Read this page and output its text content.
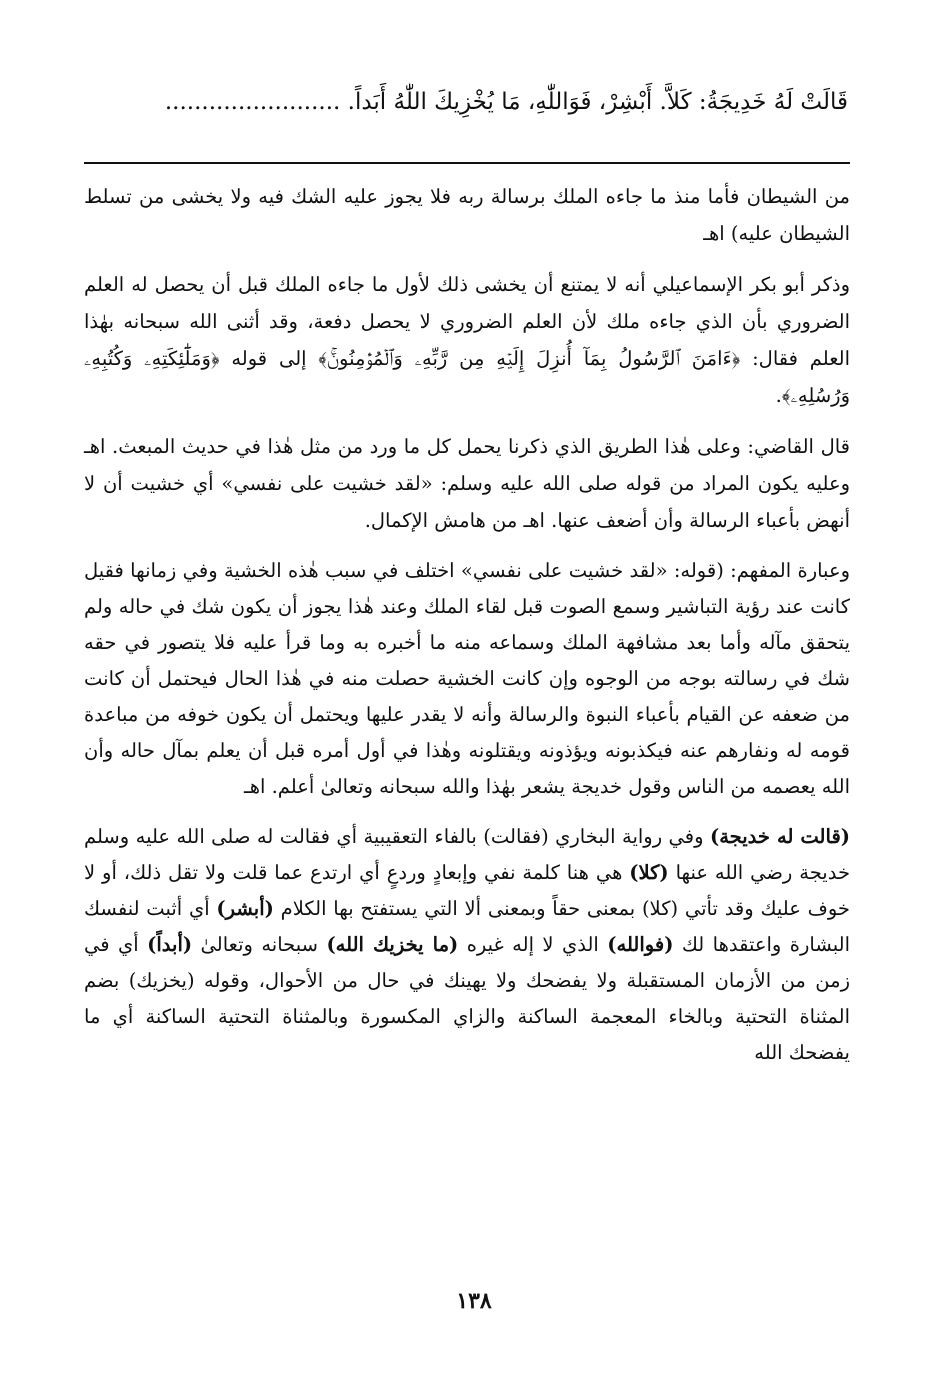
قَالَتْ لَهُ خَدِيجَةُ: كَلاَّ. أَبْشِرْ، فَوَاللّٰهِ، مَا يُخْزِيكَ اللّٰهُ أَبَداً. ........................

من الشيطان فأما منذ ما جاءه الملك برسالة ربه فلا يجوز عليه الشك فيه ولا يخشى من تسلط الشيطان عليه) اهـ

وذكر أبو بكر الإسماعيلي أنه لا يمتنع أن يخشى ذلك لأول ما جاءه الملك قبل أن يحصل له العلم الضروري بأن الذي جاءه ملك لأن العلم الضروري لا يحصل دفعة، وقد أثنى الله سبحانه بهٰذا العلم فقال: ﴿ءَامَنَ ٱلرَّسُولُ بِمَآ أُنزِلَ إِلَيۡهِ مِن رَّبِّهِۦ وَٱلۡمُؤۡمِنُونَۚ﴾ إلى قوله ﴿وَمَلَٰٓئِكَتِهِۦ وَكُتُبِهِۦ وَرُسُلِهِۦ﴾.

قال القاضي: وعلى هٰذا الطريق الذي ذكرنا يحمل كل ما ورد من مثل هٰذا في حديث المبعث. اهـ وعليه يكون المراد من قوله صلى الله عليه وسلم: «لقد خشيت على نفسي» أي خشيت أن لا أنهض بأعباء الرسالة وأن أضعف عنها. اهـ من هامش الإكمال.

وعبارة المفهم: (قوله: «لقد خشيت على نفسي» اختلف في سبب هٰذه الخشية وفي زمانها فقيل كانت عند رؤية التباشير وسمع الصوت قبل لقاء الملك وعند هٰذا يجوز أن يكون شك في حاله ولم يتحقق مآله وأما بعد مشافهة الملك وسماعه منه ما أخبره به وما قرأ عليه فلا يتصور في حقه شك في رسالته بوجه من الوجوه وإن كانت الخشية حصلت منه في هٰذا الحال فيحتمل أن كانت من ضعفه عن القيام بأعباء النبوة والرسالة وأنه لا يقدر عليها ويحتمل أن يكون خوفه من مباعدة قومه له ونفارهم عنه فيكذبونه ويؤذونه ويقتلونه وهٰذا في أول أمره قبل أن يعلم بمآل حاله وأن الله يعصمه من الناس وقول خديجة يشعر بهٰذا والله سبحانه وتعالىٰ أعلم. اهـ

(قالت له خديجة) وفي رواية البخاري (فقالت) بالفاء التعقيبية أي فقالت له صلى الله عليه وسلم خديجة رضي الله عنها (كلا) هي هنا كلمة نفي وإبعادٍ وردعٍ أي ارتدع عما قلت ولا تقل ذلك، أو لا خوف عليك وقد تأتي (كلا) بمعنى حقاً وبمعنى ألا التي يستفتح بها الكلام (أبشر) أي أثبت لنفسك البشارة واعتقدها لك (فوالله) الذي لا إله غيره (ما يخزيك الله) سبحانه وتعالىٰ (أبداً) أي في زمن من الأزمان المستقبلة ولا يفضحك ولا يهينك في حال من الأحوال، وقوله (يخزيك) بضم المثناة التحتية وبالخاء المعجمة الساكنة والزاي المكسورة وبالمثناة التحتية الساكنة أي ما يفضحك الله

١٣٨
